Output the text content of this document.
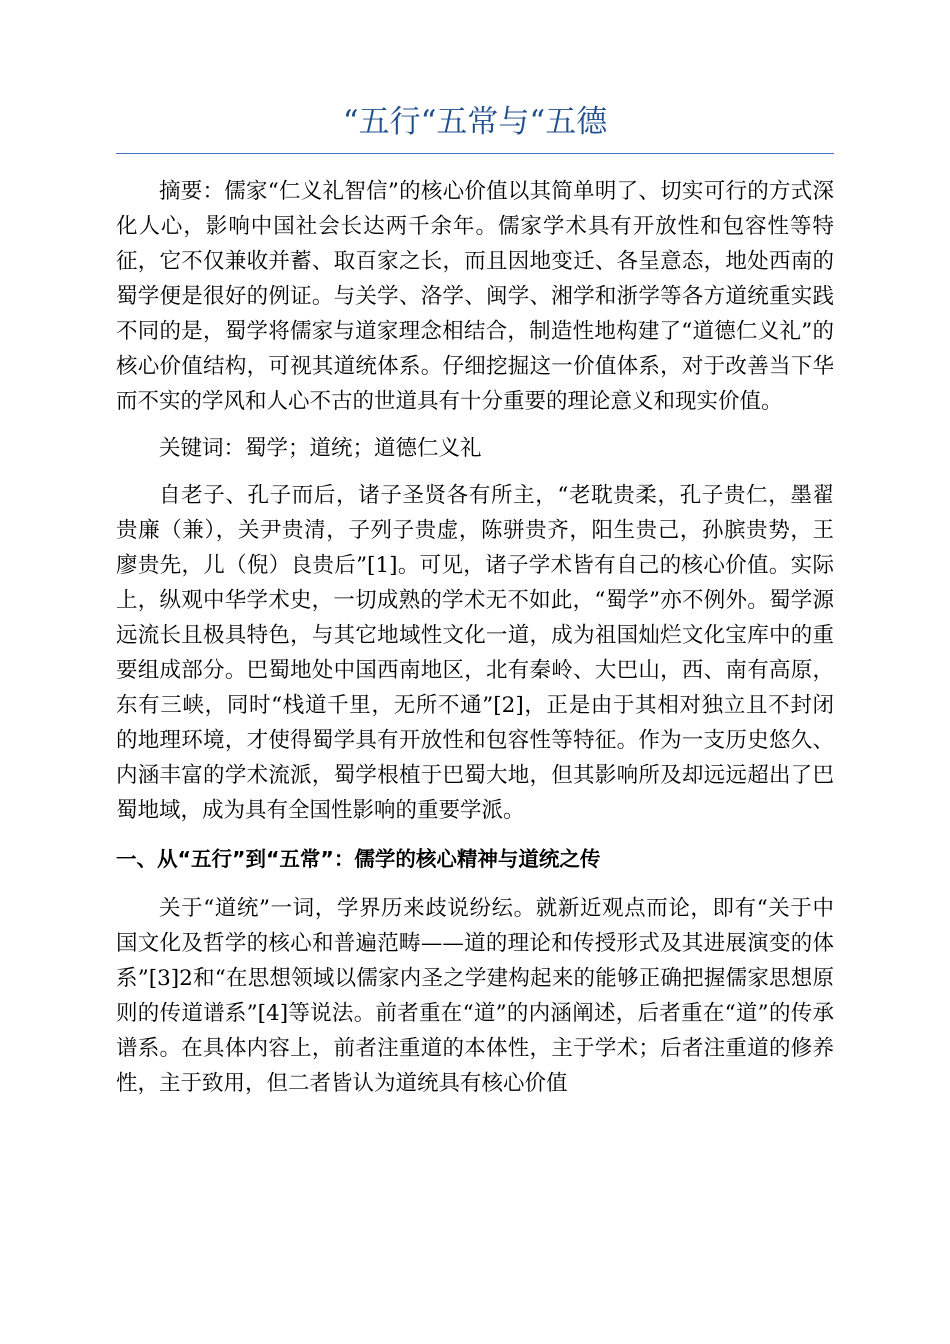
“五行“五常与“五德

摘要：儒家“仁义礼智信”的核心价值以其简单明了、切实可行的方式深化人心，影响中国社会长达两千余年。儒家学术具有开放性和包容性等特征，它不仅兼收并蓄、取百家之长，而且因地变迁、各呈意态，地处西南的蜀学便是很好的例证。与关学、洛学、闽学、湘学和浙学等各方道统重实践不同的是，蜀学将儒家与道家理念相结合，制造性地构建了“道德仁义礼”的核心价值结构，可视其道统体系。仔细挖掘这一价值体系，对于改善当下华而不实的学风和人心不古的世道具有十分重要的理论意义和现实价值。

关键词：蜀学；道统；道德仁义礼

自老子、孔子而后，诸子圣贤各有所主，“老耽贵柔，孔子贵仁，墨翟贵廉（兼），关尹贵清，子列子贵虚，陈骈贵齐，阳生贵己，孙膑贵势，王廖贵先，儿（倪）良贵后”[1]。可见，诸子学术皆有自己的核心价值。实际上，纵观中华学术史，一切成熟的学术无不如此，“蜀学”亦不例外。蜀学源远流长且极具特色，与其它地域性文化一道，成为祖国灿烂文化宝库中的重要组成部分。巴蜀地处中国西南地区，北有秦岭、大巴山，西、南有高原，东有三峡，同时“栈道千里，无所不通”[2]，正是由于其相对独立且不封闭的地理环境，才使得蜀学具有开放性和包容性等特征。作为一支历史悠久、内涵丰富的学术流派，蜀学根植于巴蜀大地，但其影响所及却远远超出了巴蜀地域，成为具有全国性影响的重要学派。

一、从“五行”到“五常”：儒学的核心精神与道统之传

关于“道统”一词，学界历来歧说纷纭。就新近观点而论，即有“关于中国文化及哲学的核心和普遍范畴——道的理论和传授形式及其进展演变的体系”[3]2和“在思想领域以儒家内圣之学建构起来的能够正确把握儒家思想原则的传道谱系”[4]等说法。前者重在“道”的内涵阐述，后者重在“道”的传承谱系。在具体内容上，前者注重道的本体性，主于学术；后者注重道的修养性，主于致用，但二者皆认为道统具有核心价值
